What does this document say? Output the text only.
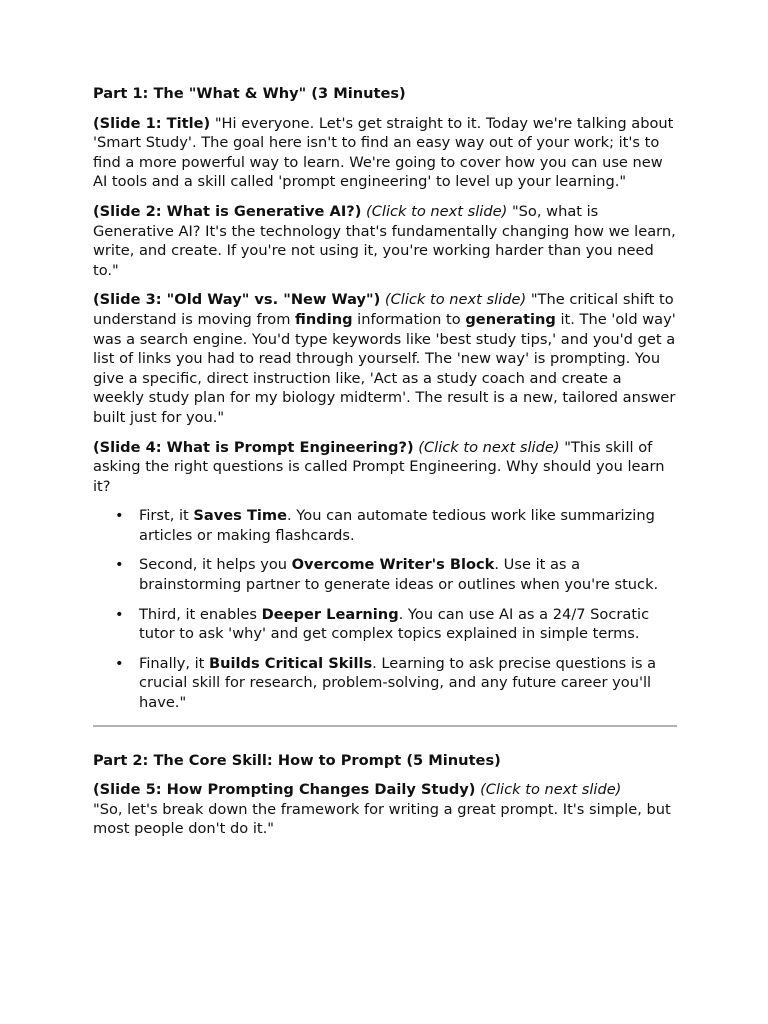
Part 1: The "What & Why" (3 Minutes)
(Slide 1: Title) "Hi everyone. Let's get straight to it. Today we're talking about 'Smart Study'. The goal here isn't to find an easy way out of your work; it's to find a more powerful way to learn. We're going to cover how you can use new AI tools and a skill called 'prompt engineering' to level up your learning."
(Slide 2: What is Generative AI?) (Click to next slide) "So, what is Generative AI? It's the technology that's fundamentally changing how we learn, write, and create. If you're not using it, you're working harder than you need to."
(Slide 3: "Old Way" vs. "New Way") (Click to next slide) "The critical shift to understand is moving from finding information to generating it. The 'old way' was a search engine. You'd type keywords like 'best study tips,' and you'd get a list of links you had to read through yourself. The 'new way' is prompting. You give a specific, direct instruction like, 'Act as a study coach and create a weekly study plan for my biology midterm'. The result is a new, tailored answer built just for you."
(Slide 4: What is Prompt Engineering?) (Click to next slide) "This skill of asking the right questions is called Prompt Engineering. Why should you learn it?
• First, it Saves Time. You can automate tedious work like summarizing articles or making flashcards.
• Second, it helps you Overcome Writer's Block. Use it as a brainstorming partner to generate ideas or outlines when you're stuck.
• Third, it enables Deeper Learning. You can use AI as a 24/7 Socratic tutor to ask 'why' and get complex topics explained in simple terms.
• Finally, it Builds Critical Skills. Learning to ask precise questions is a crucial skill for research, problem-solving, and any future career you'll have."
Part 2: The Core Skill: How to Prompt (5 Minutes)
(Slide 5: How Prompting Changes Daily Study) (Click to next slide)
"So, let's break down the framework for writing a great prompt. It's simple, but most people don't do it."
